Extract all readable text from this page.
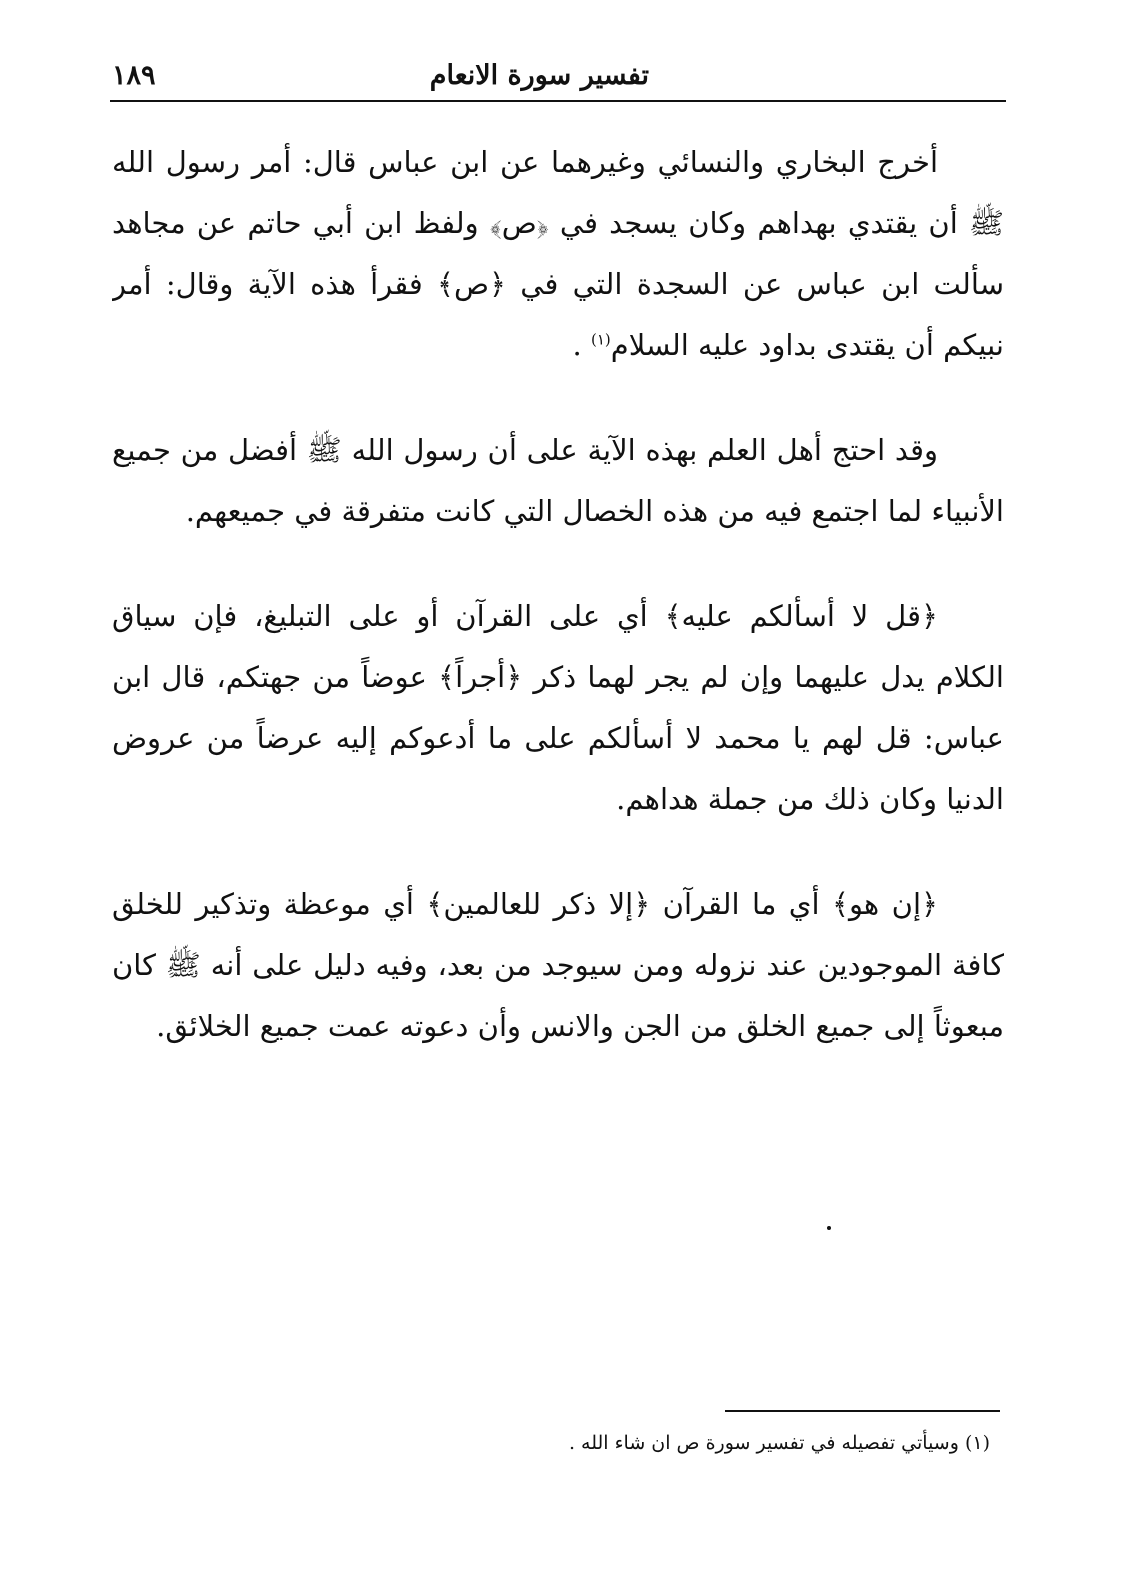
تفسير سورة الانعام
١٨٩
أخرج البخاري والنسائي وغيرهما عن ابن عباس قال: أمر رسول الله
ﷺ أن يقتدي بهداهم وكان يسجد في ﴿ص﴾ ولفظ ابن أبي حاتم عن مجاهد
سألت ابن عباس عن السجدة التي في ﴿ص﴾ فقرأ هذه الآية وقال: أمر
نبيكم أن يقتدى بداود عليه السلام$^{(١)}$ .
وقد احتج أهل العلم بهذه الآية على أن رسول الله ﷺ أفضل من جميع
الأنبياء لما اجتمع فيه من هذه الخصال التي كانت متفرقة في جميعهم.
﴿قل لا أسألكم عليه﴾ أي على القرآن أو على التبليغ، فإن سياق
الكلام يدل عليهما وإن لم يجر لهما ذكر ﴿أجراً﴾ عوضاً من جهتكم، قال ابن
عباس: قل لهم يا محمد لا أسألكم على ما أدعوكم إليه عرضاً من عروض
الدنيا وكان ذلك من جملة هداهم.
﴿إن هو﴾ أي ما القرآن ﴿إلا ذكر للعالمين﴾ أي موعظة وتذكير للخلق
كافة الموجودين عند نزوله ومن سيوجد من بعد، وفيه دليل على أنه ﷺ كان
مبعوثاً إلى جميع الخلق من الجن والانس وأن دعوته عمت جميع الخلائق.
(١) وسيأتي تفصيله في تفسير سورة ص ان شاء الله .
